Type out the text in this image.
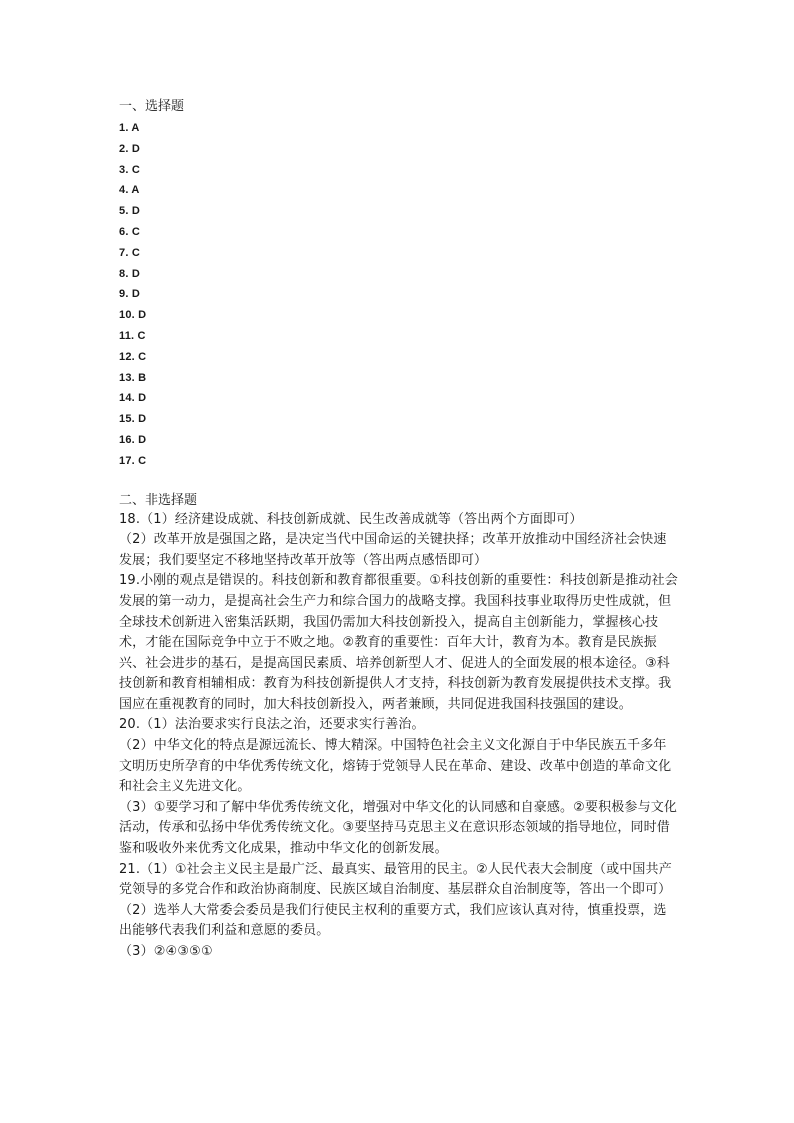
一、选择题
1. A
2. D
3. C
4. A
5. D
6. C
7. C
8. D
9. D
10. D
11. C
12. C
13. B
14. D
15. D
16. D
17. C
二、非选择题

18.（1）经济建设成就、科技创新成就、民生改善成就等（答出两个方面即可）

（2）改革开放是强国之路，是决定当代中国命运的关键抉择；改革开放推动中国经济社会快速发展；我们要坚定不移地坚持改革开放等（答出两点感悟即可）

19.小刚的观点是错误的。科技创新和教育都很重要。①科技创新的重要性：科技创新是推动社会发展的第一动力，是提高社会生产力和综合国力的战略支撑。我国科技事业取得历史性成就，但全球技术创新进入密集活跃期，我国仍需加大科技创新投入，提高自主创新能力，掌握核心技术，才能在国际竞争中立于不败之地。②教育的重要性：百年大计，教育为本。教育是民族振兴、社会进步的基石，是提高国民素质、培养创新型人才、促进人的全面发展的根本途径。③科技创新和教育相辅相成：教育为科技创新提供人才支持，科技创新为教育发展提供技术支撑。我国应在重视教育的同时，加大科技创新投入，两者兼顾，共同促进我国科技强国的建设。

20.（1）法治要求实行良法之治，还要求实行善治。

（2）中华文化的特点是源远流长、博大精深。中国特色社会主义文化源自于中华民族五千多年文明历史所孕育的中华优秀传统文化，熔铸于党领导人民在革命、建设、改革中创造的革命文化和社会主义先进文化。

（3）①要学习和了解中华优秀传统文化，增强对中华文化的认同感和自豪感。②要积极参与文化活动，传承和弘扬中华优秀传统文化。③要坚持马克思主义在意识形态领域的指导地位，同时借鉴和吸收外来优秀文化成果，推动中华文化的创新发展。

21.（1）①社会主义民主是最广泛、最真实、最管用的民主。②人民代表大会制度（或中国共产党领导的多党合作和政治协商制度、民族区域自治制度、基层群众自治制度等，答出一个即可）

（2）选举人大常委会委员是我们行使民主权利的重要方式，我们应该认真对待，慎重投票，选出能够代表我们利益和意愿的委员。

（3）②④③⑤①
